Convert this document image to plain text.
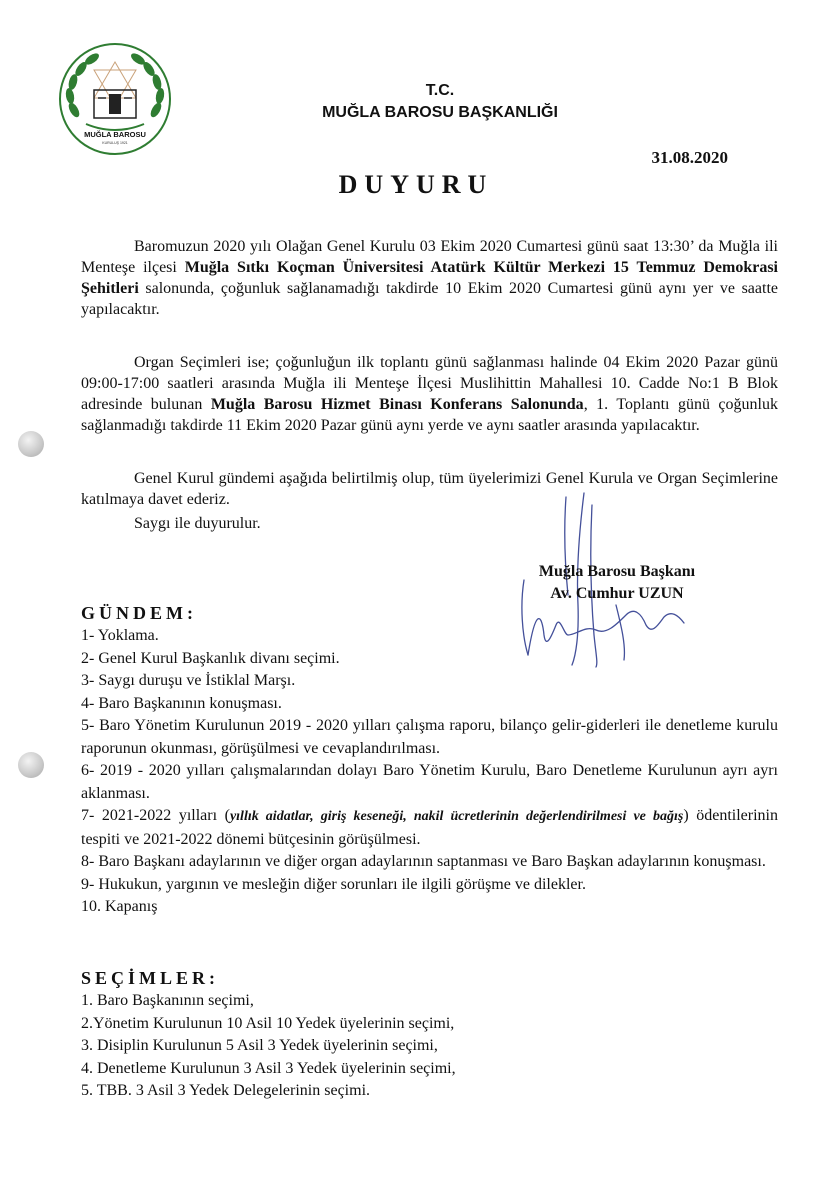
MUĞLA BAROSU
KURULUŞ 1921
T.C.
MUĞLA BAROSU BAŞKANLIĞI
31.08.2020
DUYURU
Baromuzun 2020 yılı Olağan Genel Kurulu 03 Ekim 2020 Cumartesi günü saat 13:30’ da Muğla ili Menteşe ilçesi Muğla Sıtkı Koçman Üniversitesi Atatürk Kültür Merkezi 15 Temmuz Demokrasi Şehitleri salonunda, çoğunluk sağlanamadığı takdirde 10 Ekim 2020 Cumartesi günü aynı yer ve saatte yapılacaktır.
Organ Seçimleri ise; çoğunluğun ilk toplantı günü sağlanması halinde 04 Ekim 2020 Pazar günü 09:00-17:00 saatleri arasında Muğla ili Menteşe İlçesi Muslihittin Mahallesi 10. Cadde No:1 B Blok adresinde bulunan Muğla Barosu Hizmet Binası Konferans Salonunda, 1. Toplantı günü çoğunluk sağlanmadığı takdirde 11 Ekim 2020 Pazar günü aynı yerde ve aynı saatler arasında yapılacaktır.
Genel Kurul gündemi aşağıda belirtilmiş olup, tüm üyelerimizi Genel Kurula ve Organ Seçimlerine katılmaya davet ederiz.
Saygı ile duyurulur.
Muğla Barosu Başkanı
Av. Cumhur UZUN
GÜNDEM:
1- Yoklama.
2- Genel Kurul Başkanlık divanı seçimi.
3- Saygı duruşu ve İstiklal Marşı.
4- Baro Başkanının konuşması.
5- Baro Yönetim Kurulunun 2019 - 2020 yılları çalışma raporu, bilanço gelir-giderleri ile denetleme kurulu raporunun okunması, görüşülmesi ve cevaplandırılması.
6- 2019 - 2020 yılları çalışmalarından dolayı Baro Yönetim Kurulu, Baro Denetleme Kurulunun ayrı ayrı aklanması.
7- 2021-2022 yılları (yıllık aidatlar, giriş keseneği, nakil ücretlerinin değerlendirilmesi ve bağış) ödentilerinin tespiti ve 2021-2022 dönemi bütçesinin görüşülmesi.
8- Baro Başkanı adaylarının ve diğer organ adaylarının saptanması ve Baro Başkan adaylarının konuşması.
9- Hukukun, yargının ve mesleğin diğer sorunları ile ilgili görüşme ve dilekler.
10. Kapanış
SEÇİMLER:
1. Baro Başkanının seçimi,
2.Yönetim Kurulunun 10 Asil 10 Yedek üyelerinin seçimi,
3. Disiplin Kurulunun 5 Asil 3 Yedek üyelerinin seçimi,
4. Denetleme Kurulunun 3 Asil 3 Yedek üyelerinin seçimi,
5. TBB. 3 Asil 3 Yedek Delegelerinin seçimi.
